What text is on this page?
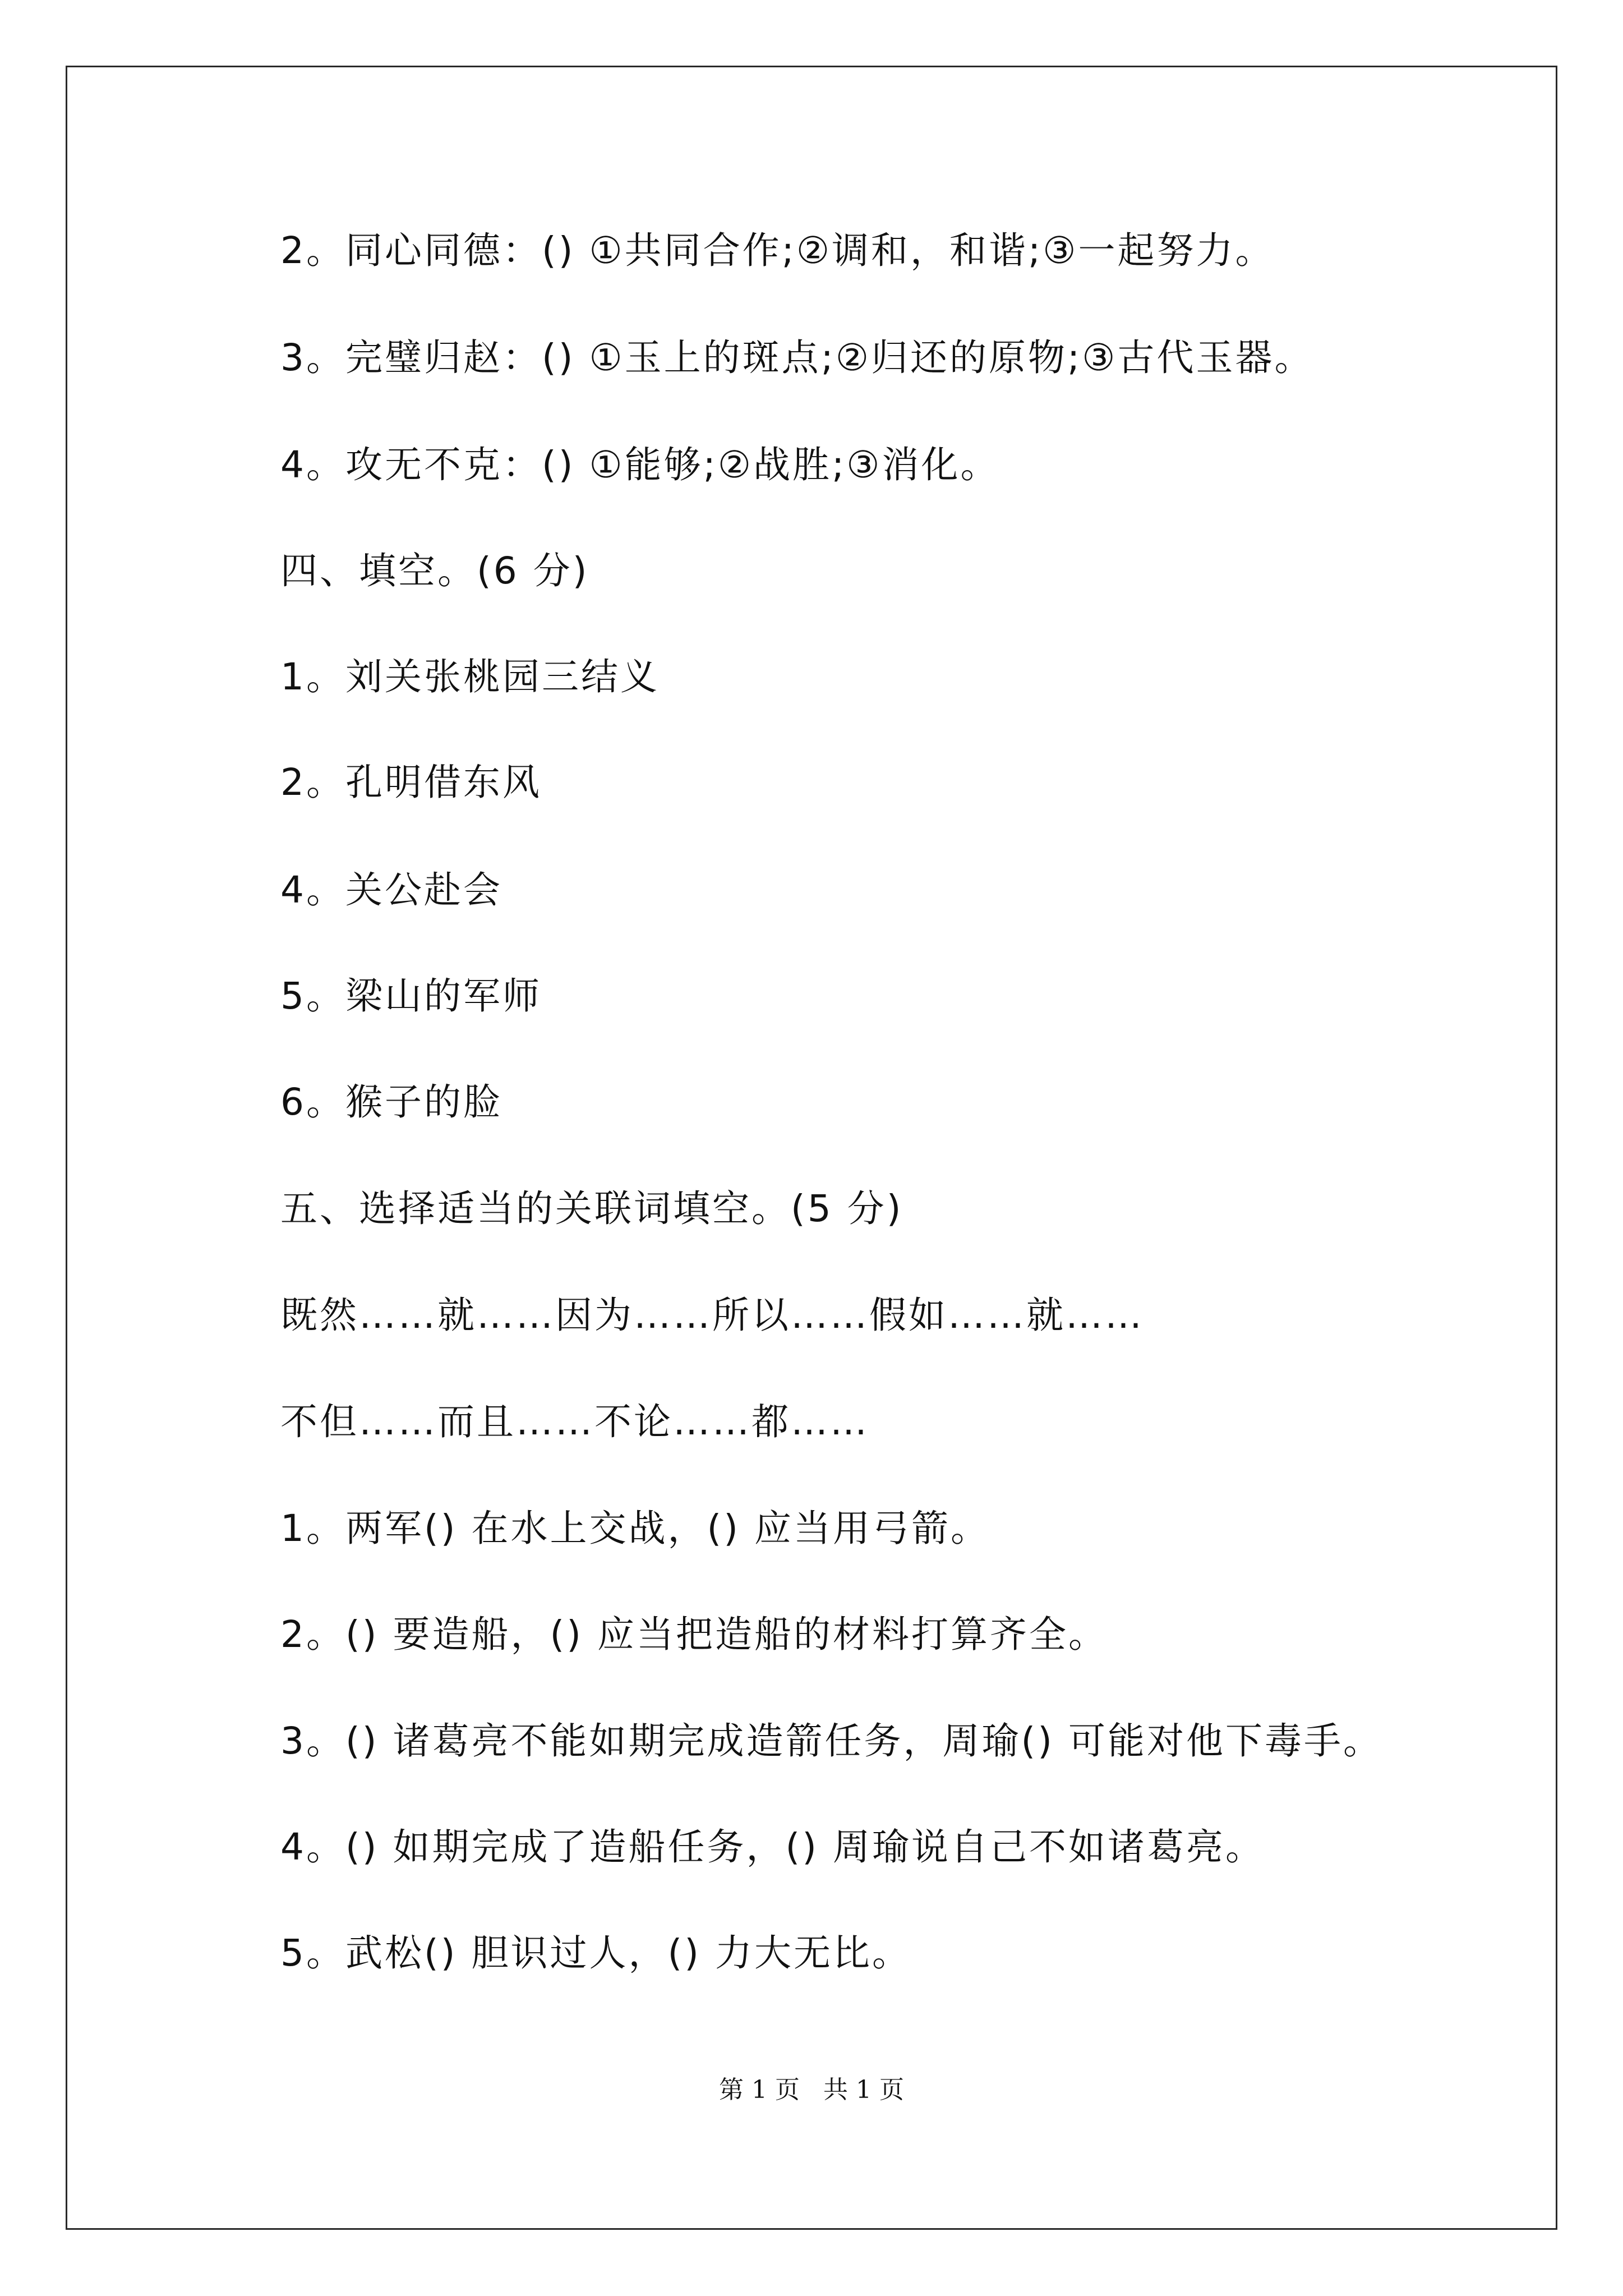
2。同心同德：() ①共同合作;②调和，和谐;③一起努力。
3。完璧归赵：() ①玉上的斑点;②归还的原物;③古代玉器。
4。攻无不克：() ①能够;②战胜;③消化。
四、填空。(6 分)
1。刘关张桃园三结义
2。孔明借东风
4。关公赴会
5。梁山的军师
6。猴子的脸
五、选择适当的关联词填空。(5 分)
既然……就……因为……所以……假如……就……
不但……而且……不论……都……
1。两军() 在水上交战，() 应当用弓箭。
2。() 要造船，() 应当把造船的材料打算齐全。
3。() 诸葛亮不能如期完成造箭任务，周瑜() 可能对他下毒手。
4。() 如期完成了造船任务，() 周瑜说自己不如诸葛亮。
5。武松() 胆识过人，() 力大无比。
第 1 页 共 1 页
